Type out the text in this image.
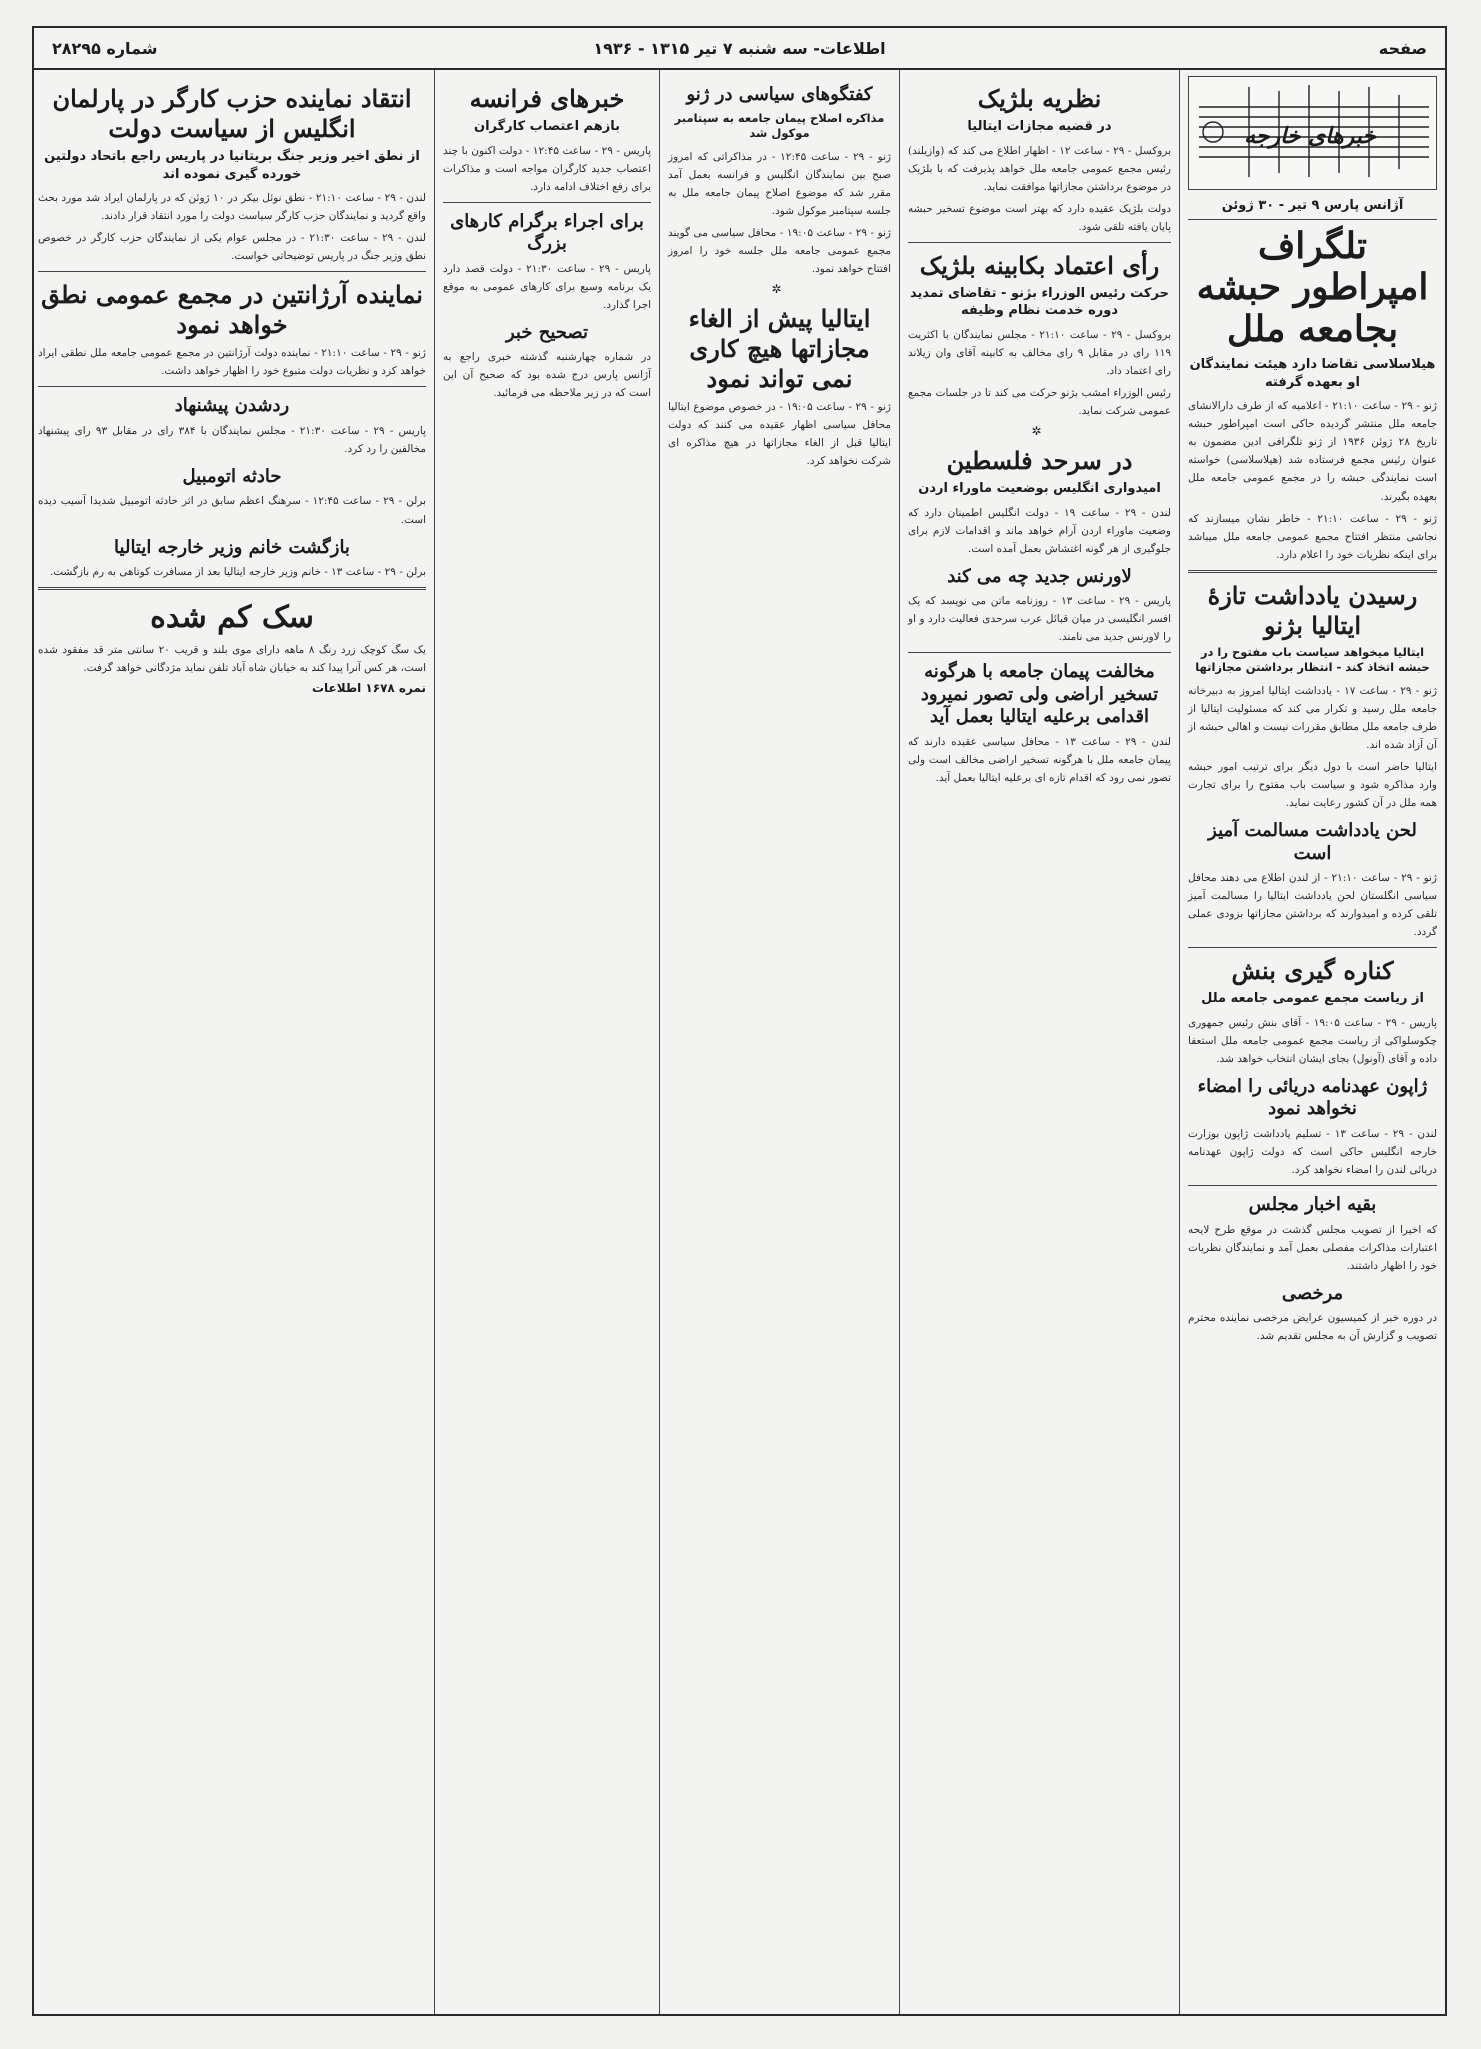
صفحه
اطلاعات- سه شنبه ۷ تیر ۱۳۱۵ - ۱۹۳۶
شماره ۲۸۲۹۵
خبرهای خارجه
آژانس پارس ۹ تیر - ۳۰ ژوئن
تلگراف امپراطور حبشه بجامعه ملل
هیلاسلاسی تقاضا دارد هیئت نمایندگان او بعهده گرفته

ژنو - ۲۹ - ساعت ۲۱:۱۰ - اعلامیه که از طرف دارالانشای جامعه ملل منتشر گردیده حاکی است امپراطور حبشه تاریخ ۲۸ ژوئن ۱۹۳۶ از ژنو تلگرافی ادین مضمون به عنوان رئیس مجمع فرستاده شد (هیلاسلاسی) خواسته است نمایندگی حبشه را در مجمع عمومی جامعه ملل بعهده بگیرند.

ژنو - ۲۹ - ساعت ۲۱:۱۰ - خاطر نشان میسازند که نجاشی منتظر افتتاح مجمع عمومی جامعه ملل میباشد برای اینکه نظریات خود را اعلام دارد.

رسیدن یادداشت تازهٔ ایتالیا بژنو
ایتالیا میخواهد سیاست باب مفتوح را در حبشه اتخاذ کند - انتظار برداشتن مجازاتها

ژنو - ۲۹ - ساعت ۱۷ - یادداشت ایتالیا امروز به دبیرخانه جامعه ملل رسید و تکرار می کند که مسئولیت ایتالیا از طرف جامعه ملل مطابق مقررات نیست و اهالی حبشه از آن آزاد شده اند.

ایتالیا حاضر است با دول دیگر برای ترتیب امور حبشه وارد مذاکره شود و سیاست باب مفتوح را برای تجارت همه ملل در آن کشور رعایت نماید.

لحن یادداشت مسالمت آمیز است

ژنو - ۲۹ - ساعت ۲۱:۱۰ - از لندن اطلاع می دهند محافل سیاسی انگلستان لحن یادداشت ایتالیا را مسالمت آمیز تلقی کرده و امیدوارند که برداشتن مجازاتها بزودی عملی گردد.

کناره گیری بنش
از ریاست مجمع عمومی جامعه ملل

پاریس - ۲۹ - ساعت ۱۹:۰۵ - آقای بنش رئیس جمهوری چکوسلواکی از ریاست مجمع عمومی جامعه ملل استعفا داده و آقای (آونول) بجای ایشان انتخاب خواهد شد.

ژاپون عهدنامه دریائی را امضاء نخواهد نمود

لندن - ۲۹ - ساعت ۱۳ - تسلیم یادداشت ژاپون بوزارت خارجه انگلیس حاکی است که دولت ژاپون عهدنامه دریائی لندن را امضاء نخواهد کرد.

بقیه اخبار مجلس

که اخیرا از تصویب مجلس گذشت در موقع طرح لایحه اعتبارات مذاکرات مفصلی بعمل آمد و نمایندگان نظریات خود را اظهار داشتند.

مرخصی

در دوره خبر از کمیسیون عرایض مرخصی نماینده محترم تصویب و گزارش آن به مجلس تقدیم شد.

نظریه بلژیک
در قضیه مجازات ایتالیا

بروکسل - ۲۹ - ساعت ۱۲ - اظهار اطلاع می کند که (وازیلند) رئیس مجمع عمومی جامعه ملل خواهد پذیرفت که با بلژیک در موضوع برداشتن مجازاتها موافقت نماید.

دولت بلژیک عقیده دارد که بهتر است موضوع تسخیر حبشه پایان یافته تلقی شود.

رأی اعتماد بکابینه بلژیک
حرکت رئیس الوزراء بژنو - تقاضای تمدید دوره خدمت نظام وظیفه

بروکسل - ۲۹ - ساعت ۲۱:۱۰ - مجلس نمایندگان با اکثریت ۱۱۹ رای در مقابل ۹ رای مخالف به کابینه آقای وان زیلاند رای اعتماد داد.

رئیس الوزراء امشب بژنو حرکت می کند تا در جلسات مجمع عمومی شرکت نماید.

✲
در سرحد فلسطین
امیدواری انگلیس بوضعیت ماوراء اردن

لندن - ۲۹ - ساعت ۱۹ - دولت انگلیس اطمینان دارد که وضعیت ماوراء اردن آرام خواهد ماند و اقدامات لازم برای جلوگیری از هر گونه اغتشاش بعمل آمده است.

لاورنس جدید چه می کند

پاریس - ۲۹ - ساعت ۱۳ - روزنامه ماتن می نویسد که یک افسر انگلیسی در میان قبائل عرب سرحدی فعالیت دارد و او را لاورنس جدید می نامند.

مخالفت پیمان جامعه با هرگونه تسخیر اراضی ولی تصور نمیرود اقدامی برعلیه ایتالیا بعمل آید

لندن - ۲۹ - ساعت ۱۳ - محافل سیاسی عقیده دارند که پیمان جامعه ملل با هرگونه تسخیر اراضی مخالف است ولی تصور نمی رود که اقدام تازه ای برعلیه ایتالیا بعمل آید.

کفتگوهای سیاسی در ژنو
مذاکره اصلاح پیمان جامعه به سپتامبر موکول شد

ژنو - ۲۹ - ساعت ۱۲:۴۵ - در مذاکراتی که امروز صبح بین نمایندگان انگلیس و فرانسه بعمل آمد مقرر شد که موضوع اصلاح پیمان جامعه ملل به جلسه سپتامبر موکول شود.

ژنو - ۲۹ - ساعت ۱۹:۰۵ - محافل سیاسی می گویند مجمع عمومی جامعه ملل جلسه خود را امروز افتتاح خواهد نمود.

✲
ایتالیا پیش از الغاء مجازاتها هیچ کاری نمی تواند نمود

ژنو - ۲۹ - ساعت ۱۹:۰۵ - در خصوص موضوع ایتالیا محافل سیاسی اظهار عقیده می کنند که دولت ایتالیا قبل از الغاء مجازاتها در هیچ مذاکره ای شرکت نخواهد کرد.

خبرهای فرانسه
بازهم اعتصاب کارگران

پاریس - ۲۹ - ساعت ۱۲:۴۵ - دولت اکنون با چند اعتصاب جدید کارگران مواجه است و مذاکرات برای رفع اختلاف ادامه دارد.

برای اجراء برگرام کارهای بزرگ

پاریس - ۲۹ - ساعت ۲۱:۳۰ - دولت قصد دارد یک برنامه وسیع برای کارهای عمومی به موقع اجرا گذارد.

تصحیح خبر

در شماره چهارشنبه گذشته خبری راجع به آژانس پارس درج شده بود که صحیح آن این است که در زیر ملاحظه می فرمائید.

انتقاد نماینده حزب کارگر در پارلمان انگلیس از سیاست دولت
از نطق اخیر وزیر جنگ بریتانیا در پاریس راجع باتحاد دولتین خورده گیری نموده اند

لندن - ۲۹ - ساعت ۲۱:۱۰ - نطق نوئل بیکر در ۱۰ ژوئن که در پارلمان ایراد شد مورد بحث واقع گردید و نمایندگان حزب کارگر سیاست دولت را مورد انتقاد قرار دادند.

لندن - ۲۹ - ساعت ۲۱:۳۰ - در مجلس عوام یکی از نمایندگان حزب کارگر در خصوص نطق وزیر جنگ در پاریس توضیحاتی خواست.

نماینده آرژانتین در مجمع عمومی نطق خواهد نمود

ژنو - ۲۹ - ساعت ۲۱:۱۰ - نماینده دولت آرژانتین در مجمع عمومی جامعه ملل نطقی ایراد خواهد کرد و نظریات دولت متبوع خود را اظهار خواهد داشت.

ردشدن پیشنهاد

پاریس - ۲۹ - ساعت ۲۱:۳۰ - مجلس نمایندگان با ۳۸۴ رای در مقابل ۹۳ رای پیشنهاد مخالفین را رد کرد.

حادثه اتومبیل

برلن - ۲۹ - ساعت ۱۲:۴۵ - سرهنگ اعظم سابق در اثر حادثه اتومبیل شدیدا آسیب دیده است.

بازگشت خانم وزیر خارجه ایتالیا

برلن - ۲۹ - ساعت ۱۳ - خانم وزیر خارجه ایتالیا بعد از مسافرت کوتاهی به رم بازگشت.

سک کم شده

یک سگ کوچک زرد رنگ ۸ ماهه دارای موی بلند و قریب ۲۰ سانتی متر قد مفقود شده است، هر کس آنرا پیدا کند به خیابان شاه آباد تلفن نماید مژدگانی خواهد گرفت.

نمره ۱۶۷۸ اطلاعات
